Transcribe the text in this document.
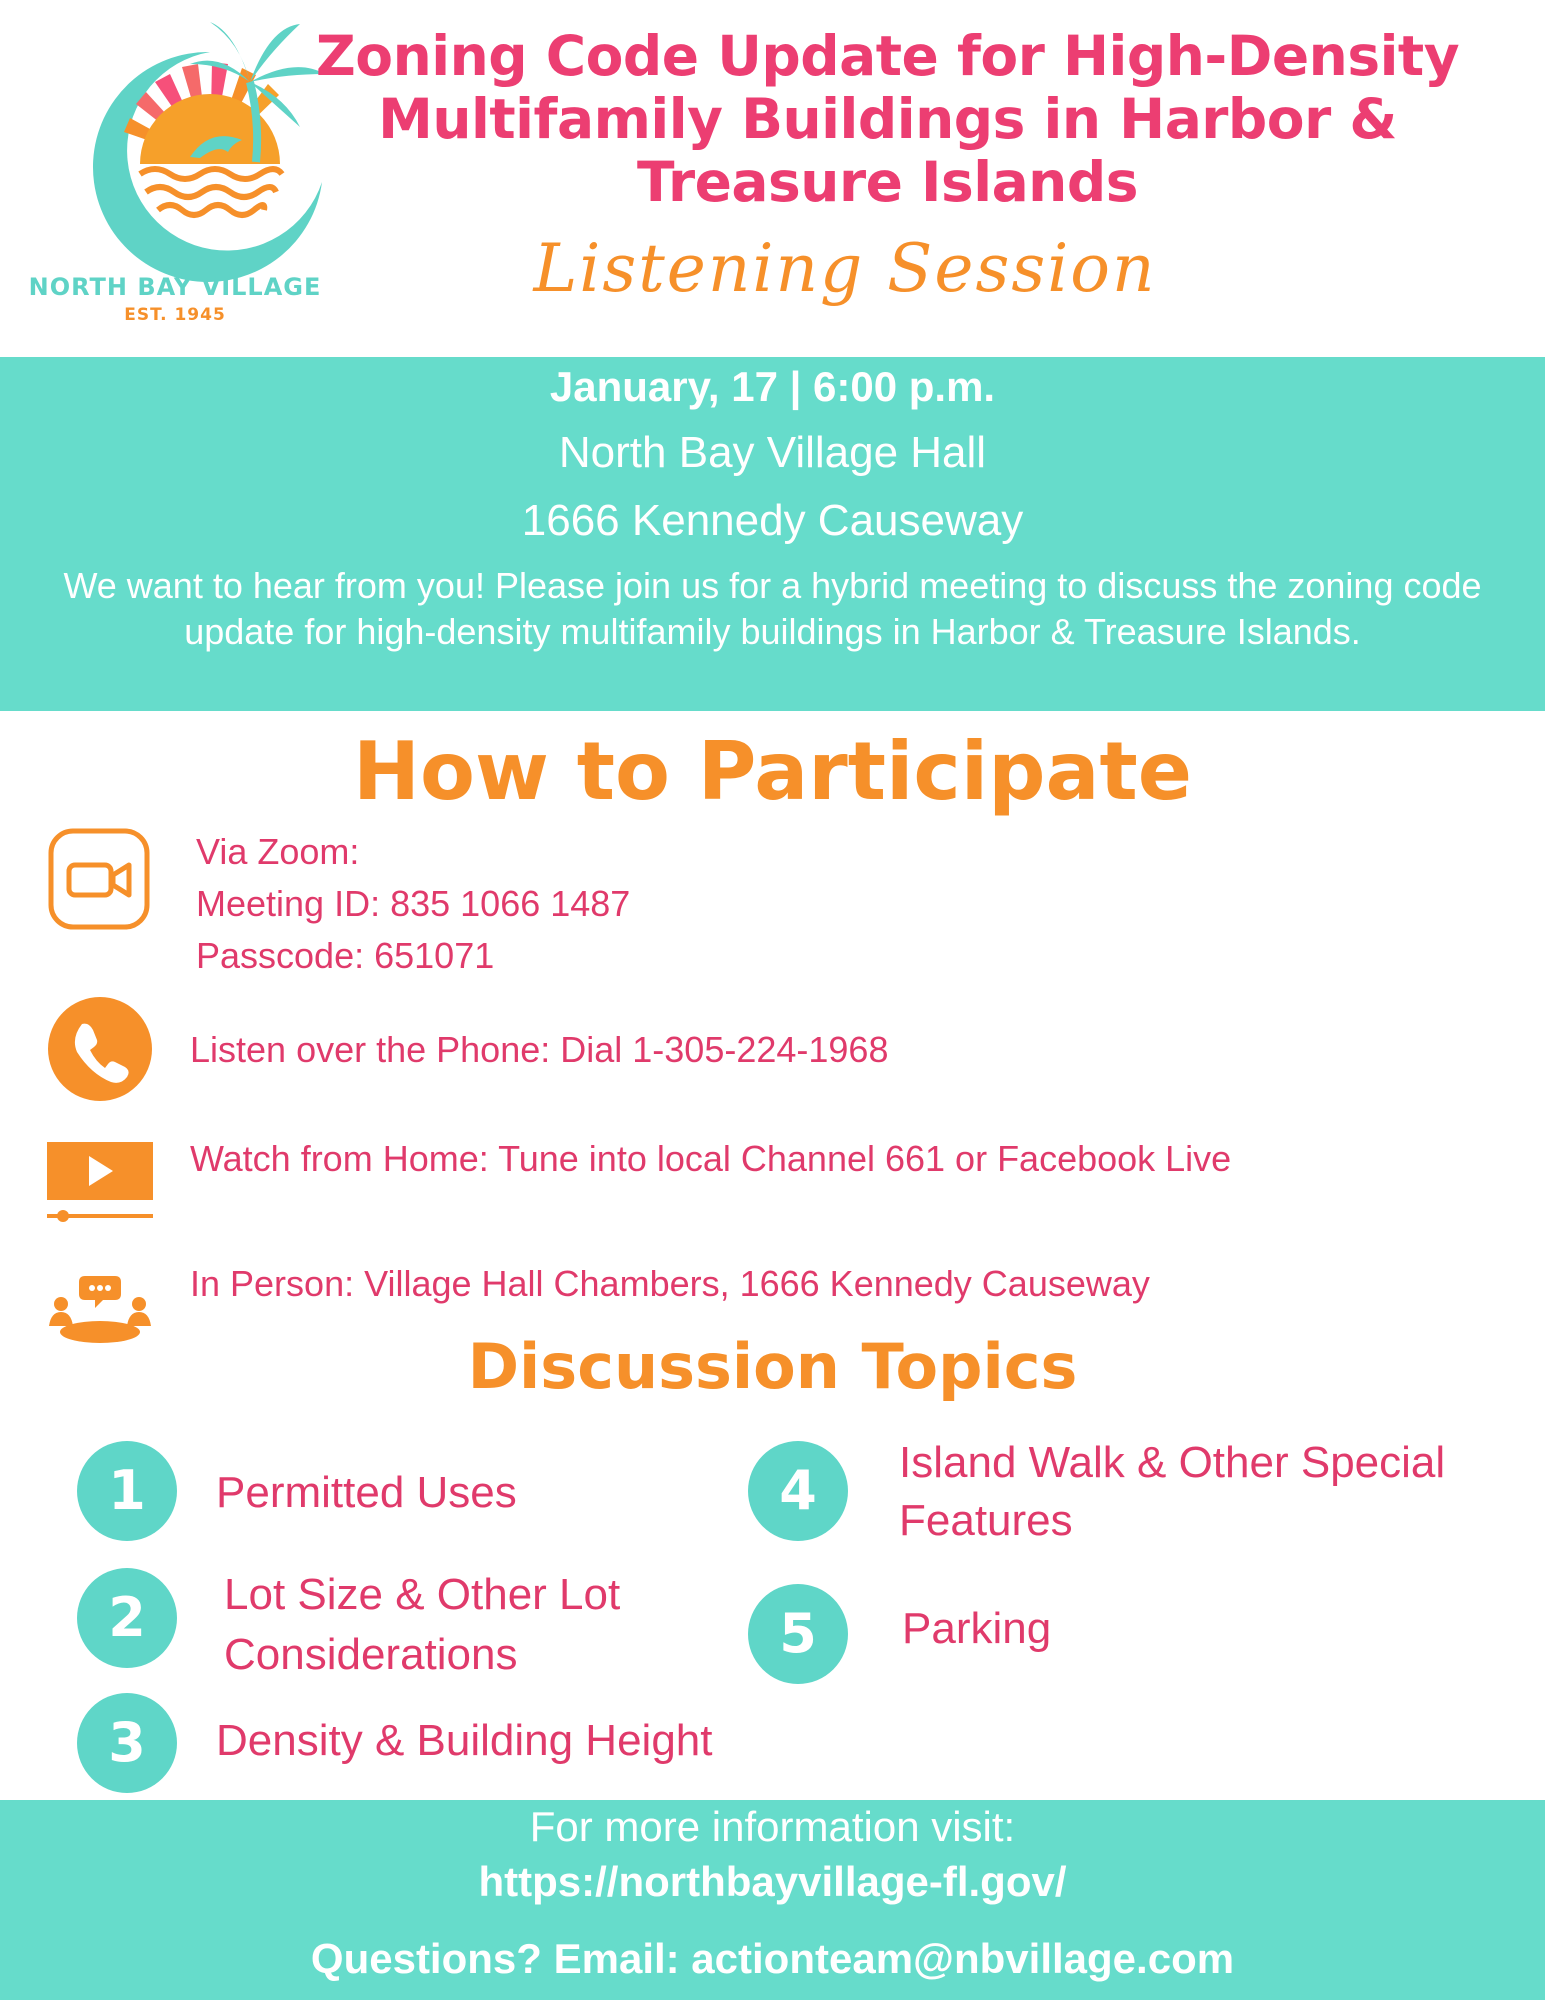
NORTH BAY VILLAGE
EST. 1945
Zoning Code Update for High-Density
Multifamily Buildings in Harbor &
Treasure Islands
Listening Session
January, 17 | 6:00 p.m.
North Bay Village Hall
1666 Kennedy Causeway
We want to hear from you! Please join us for a hybrid meeting to discuss the zoning code update for high-density multifamily buildings in Harbor & Treasure Islands.
How to Participate
Via Zoom:
Meeting ID: 835 1066 1487
Passcode: 651071
Listen over the Phone: Dial 1-305-224-1968
Watch from Home: Tune into local Channel 661 or Facebook Live
In Person: Village Hall Chambers, 1666 Kennedy Causeway
Discussion Topics
1	Permitted Uses
2	Lot Size & Other Lot
Considerations
3	Density & Building Height
4	Island Walk & Other Special
Features
5	Parking
For more information visit:
https://northbayvillage-fl.gov/
Questions? Email: actionteam@nbvillage.com
